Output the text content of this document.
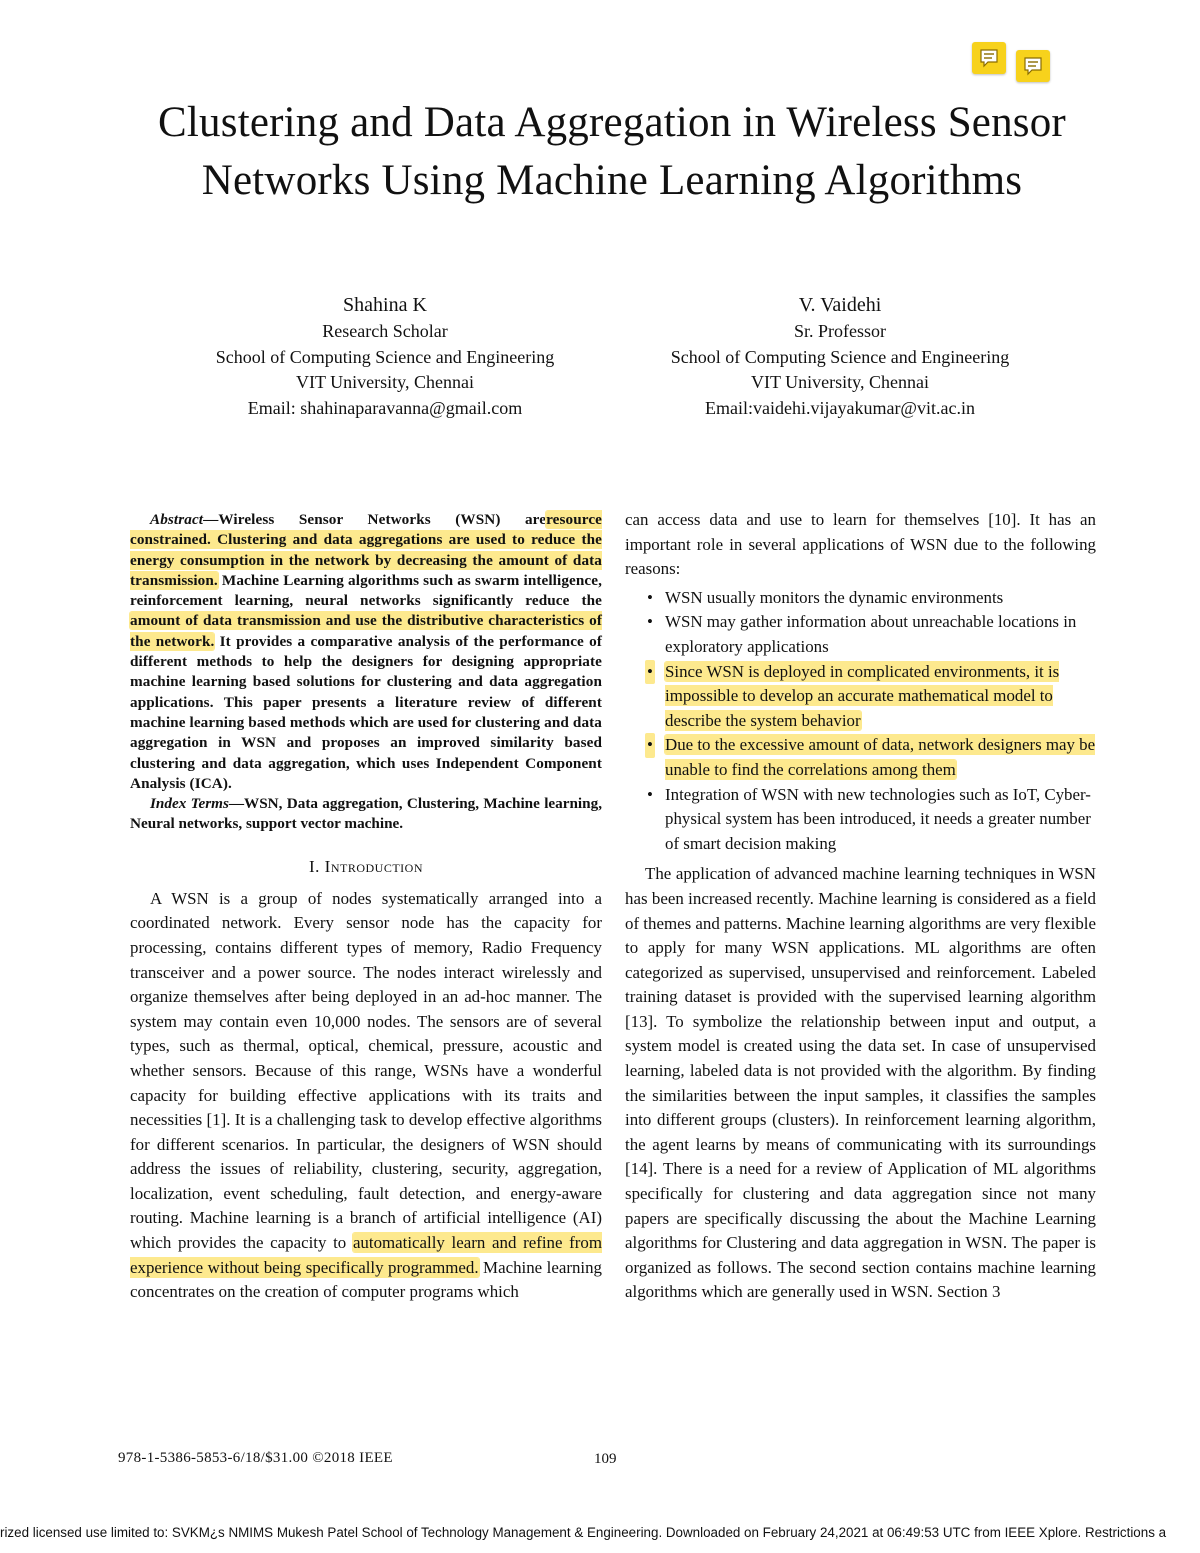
Clustering and Data Aggregation in Wireless Sensor Networks Using Machine Learning Algorithms
Shahina K
Research Scholar
School of Computing Science and Engineering
VIT University, Chennai
Email: shahinaparavanna@gmail.com
V. Vaidehi
Sr. Professor
School of Computing Science and Engineering
VIT University, Chennai
Email:vaidehi.vijayakumar@vit.ac.in

Abstract—Wireless Sensor Networks (WSN) areresource constrained. Clustering and data aggregations are used to reduce the energy consumption in the network by decreasing the amount of data transmission. Machine Learning algorithms such as swarm intelligence, reinforcement learning, neural networks significantly reduce the amount of data transmission and use the distributive characteristics of the network. It provides a comparative analysis of the performance of different methods to help the designers for designing appropriate machine learning based solutions for clustering and data aggregation applications. This paper presents a literature review of different machine learning based methods which are used for clustering and data aggregation in WSN and proposes an improved similarity based clustering and data aggregation, which uses Independent Component Analysis (ICA).

Index Terms—WSN, Data aggregation, Clustering, Machine learning, Neural networks, support vector machine.

I. Introduction

A WSN is a group of nodes systematically arranged into a coordinated network. Every sensor node has the capacity for processing, contains different types of memory, Radio Frequency transceiver and a power source. The nodes interact wirelessly and organize themselves after being deployed in an ad-hoc manner. The system may contain even 10,000 nodes. The sensors are of several types, such as thermal, optical, chemical, pressure, acoustic and whether sensors. Because of this range, WSNs have a wonderful capacity for building effective applications with its traits and necessities [1]. It is a challenging task to develop effective algorithms for different scenarios. In particular, the designers of WSN should address the issues of reliability, clustering, security, aggregation, localization, event scheduling, fault detection, and energy-aware routing. Machine learning is a branch of artificial intelligence (AI) which provides the capacity to automatically learn and refine from experience without being specifically programmed. Machine learning concentrates on the creation of computer programs which

can access data and use to learn for themselves [10]. It has an important role in several applications of WSN due to the following reasons:

• WSN usually monitors the dynamic environments
• WSN may gather information about unreachable locations in exploratory applications
• Since WSN is deployed in complicated environments, it is impossible to develop an accurate mathematical model to describe the system behavior
• Due to the excessive amount of data, network designers may be unable to find the correlations among them
• Integration of WSN with new technologies such as IoT, Cyber-physical system has been introduced, it needs a greater number of smart decision making

The application of advanced machine learning techniques in WSN has been increased recently. Machine learning is considered as a field of themes and patterns. Machine learning algorithms are very flexible to apply for many WSN applications. ML algorithms are often categorized as supervised, unsupervised and reinforcement. Labeled training dataset is provided with the supervised learning algorithm [13]. To symbolize the relationship between input and output, a system model is created using the data set. In case of unsupervised learning, labeled data is not provided with the algorithm. By finding the similarities between the input samples, it classifies the samples into different groups (clusters). In reinforcement learning algorithm, the agent learns by means of communicating with its surroundings [14]. There is a need for a review of Application of ML algorithms specifically for clustering and data aggregation since not many papers are specifically discussing the about the Machine Learning algorithms for Clustering and data aggregation in WSN. The paper is organized as follows. The second section contains machine learning algorithms which are generally used in WSN. Section 3

978-1-5386-5853-6/18/$31.00 ©2018 IEEE	109
rized licensed use limited to: SVKM¿s NMIMS Mukesh Patel School of Technology Management & Engineering. Downloaded on February 24,2021 at 06:49:53 UTC from IEEE Xplore. Restrictions a
